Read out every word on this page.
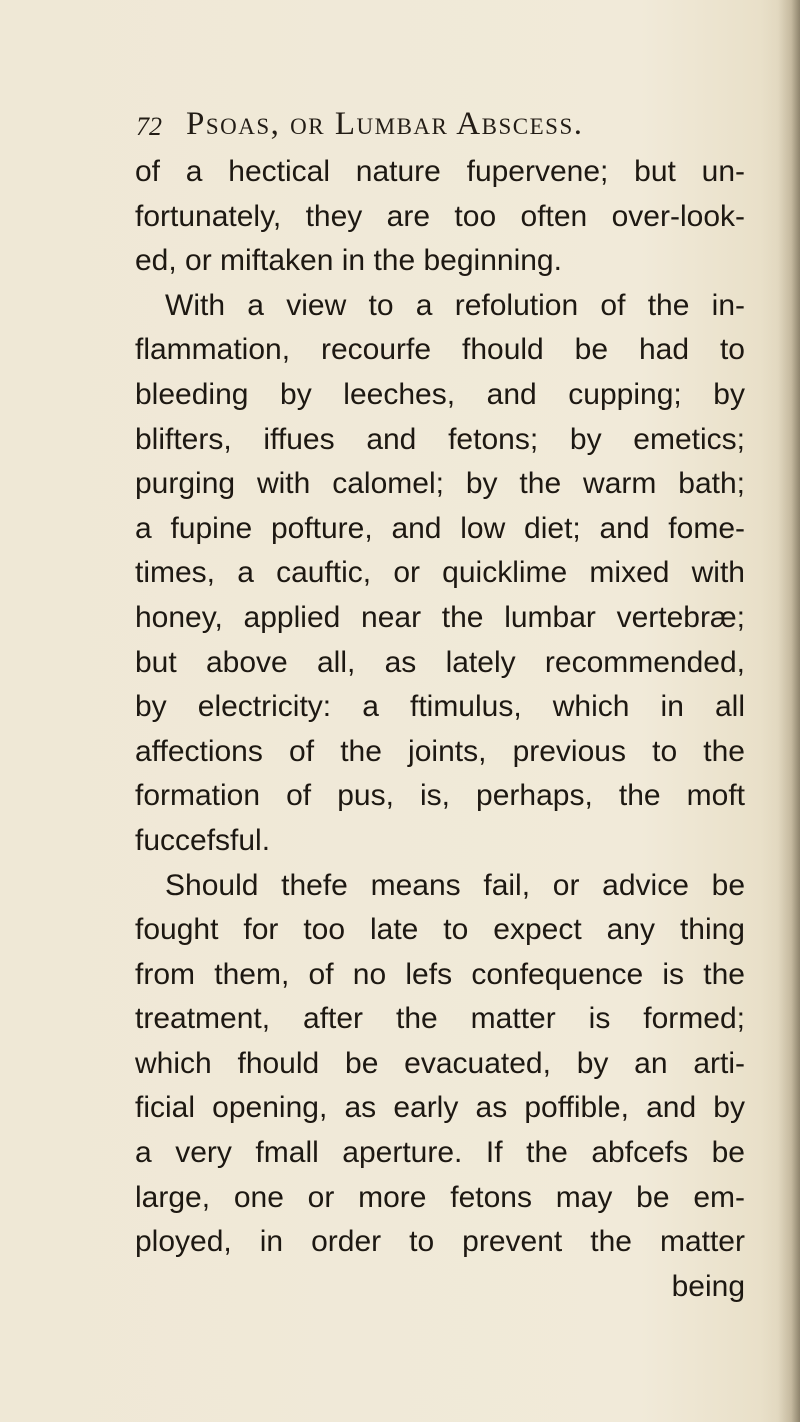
72 Psoas, or Lumbar Abscess.
of a hectical nature fupervene; but un-
fortunately, they are too often over-look-
ed, or miftaken in the beginning.
With a view to a refolution of the in-
flammation, recourfe fhould be had to
bleeding by leeches, and cupping; by
blifters, iffues and fetons; by emetics;
purging with calomel; by the warm bath;
a fupine pofture, and low diet; and fome-
times, a cauftic, or quicklime mixed with
honey, applied near the lumbar vertebræ;
but above all, as lately recommended,
by electricity: a ftimulus, which in all
affections of the joints, previous to the
formation of pus, is, perhaps, the moft
fuccefsful.
Should thefe means fail, or advice be
fought for too late to expect any thing
from them, of no lefs confequence is the
treatment, after the matter is formed;
which fhould be evacuated, by an arti-
ficial opening, as early as poffible, and by
a very fmall aperture. If the abfcefs be
large, one or more fetons may be em-
ployed, in order to prevent the matter
being
